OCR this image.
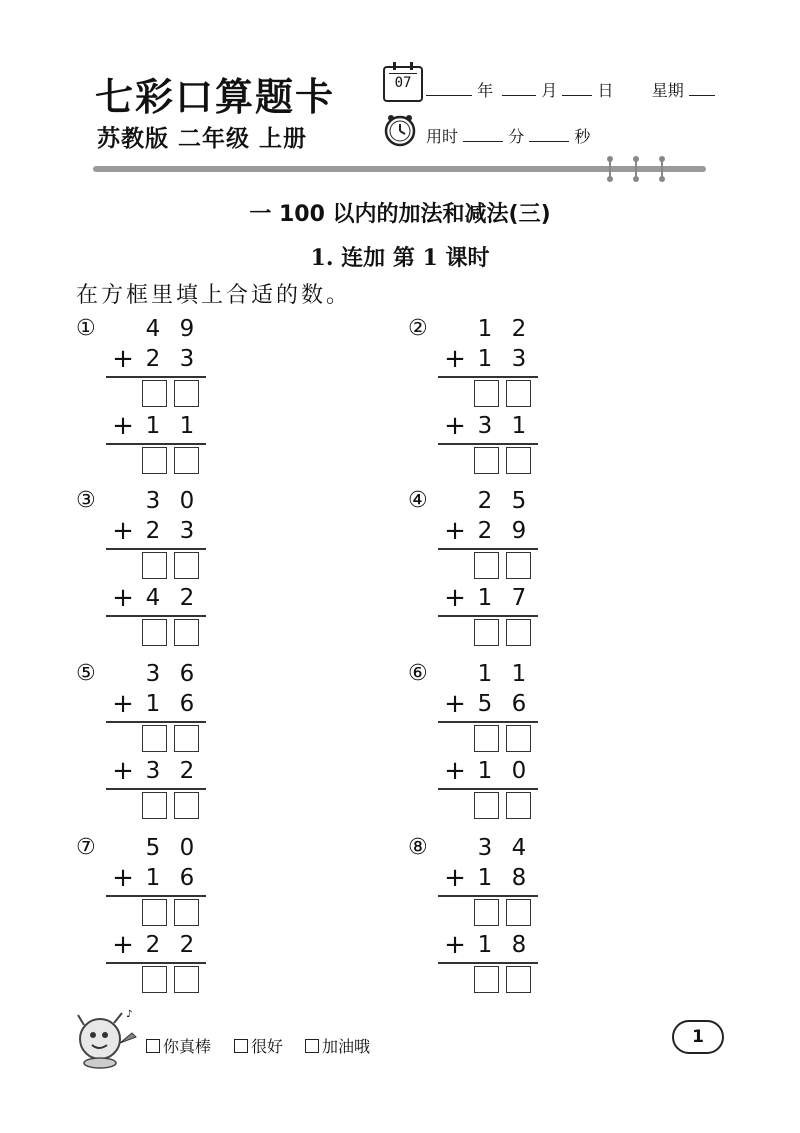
七彩口算题卡
苏教版 二年级 上册
07	年	月	日 星期
用时	分	秒
一 100 以内的加法和减法(三)
1. 连加 第 1 课时
在方框里填上合适的数。
① 4 9
+ 2 3
+ 1 1
② 1 2
+ 1 3
+ 3 1
③ 3 0
+ 2 3
+ 4 2
④ 2 5
+ 2 9
+ 1 7
⑤ 3 6
+ 1 6
+ 3 2
⑥ 1 1
+ 5 6
+ 1 0
⑦ 5 0
+ 1 6
+ 2 2
⑧ 3 4
+ 1 8
+ 1 8
♪
你真棒	很好	加油哦	1
